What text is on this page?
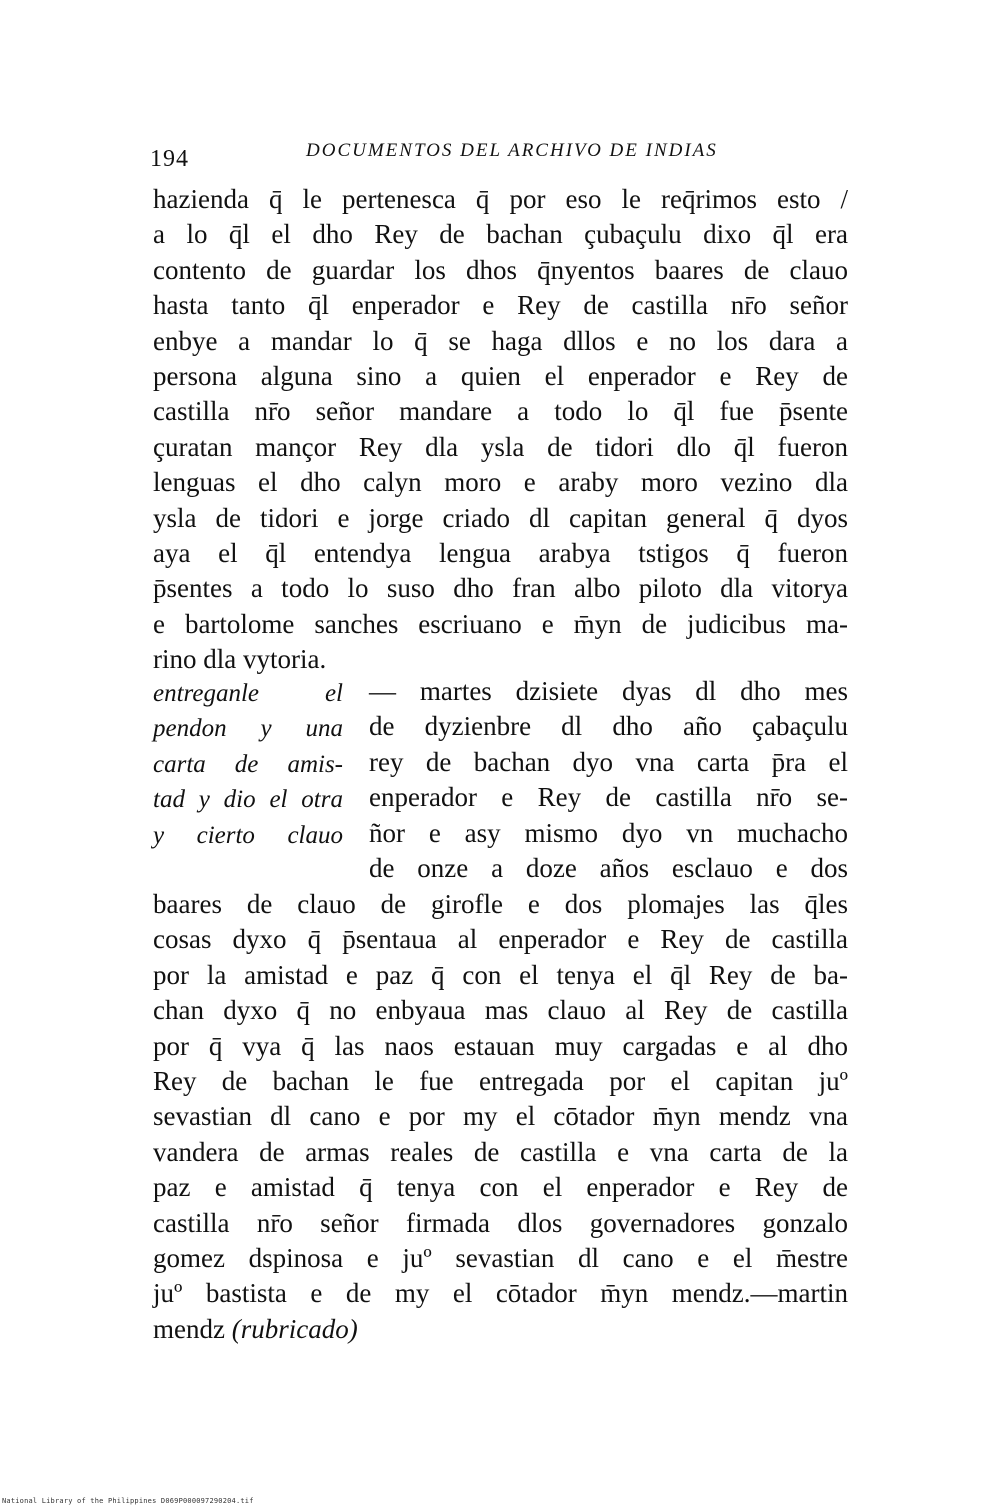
194	DOCUMENTOS DEL ARCHIVO DE INDIAS
hazienda q̄ le pertenesca q̄ por eso le req̄rimos esto /
a lo q̄l el dho Rey de bachan çubaçulu dixo q̄l era
contento de guardar los dhos q̄nyentos baares de clauo
hasta tanto q̄l enperador e Rey de castilla nr̄o señor
enbye a mandar lo q̄ se haga dllos e no los dara a
persona alguna sino a quien el enperador e Rey de
castilla nr̄o señor mandare a todo lo q̄l fue p̄sente
çuratan mançor Rey dla ysla de tidori dlo q̄l fueron
lenguas el dho calyn moro e araby moro vezino dla
ysla de tidori e jorge criado dl capitan general q̄ dyos
aya el q̄l entendya lengua arabya tstigos q̄ fueron
p̄sentes a todo lo suso dho fran albo piloto dla vitorya
e bartolome sanches escriuano e m̄yn de judicibus ma-
rino dla vytoria.
entreganle el
pendon y una
carta de amis-
tad y dio el otra
y cierto clauo
— martes dzisiete dyas dl dho mes
de dyzienbre dl dho año çabaçulu
rey de bachan dyo vna carta p̄ra el
enperador e Rey de castilla nr̄o se-
ñor e asy mismo dyo vn muchacho
de onze a doze años esclauo e dos
baares de clauo de girofle e dos plomajes las q̄les
cosas dyxo q̄ p̄sentaua al enperador e Rey de castilla
por la amistad e paz q̄ con el tenya el q̄l Rey de ba-
chan dyxo q̄ no enbyaua mas clauo al Rey de castilla
por q̄ vya q̄ las naos estauan muy cargadas e al dho
Rey de bachan le fue entregada por el capitan juº
sevastian dl cano e por my el cōtador m̄yn mendz vna
vandera de armas reales de castilla e vna carta de la
paz e amistad q̄ tenya con el enperador e Rey de
castilla nr̄o señor firmada dlos governadores gonzalo
gomez dspinosa e juº sevastian dl cano e el m̄estre
juº bastista e de my el cōtador m̄yn mendz.—martin
mendz (rubricado)
National Library of the Philippines D069P000097290204.tif
